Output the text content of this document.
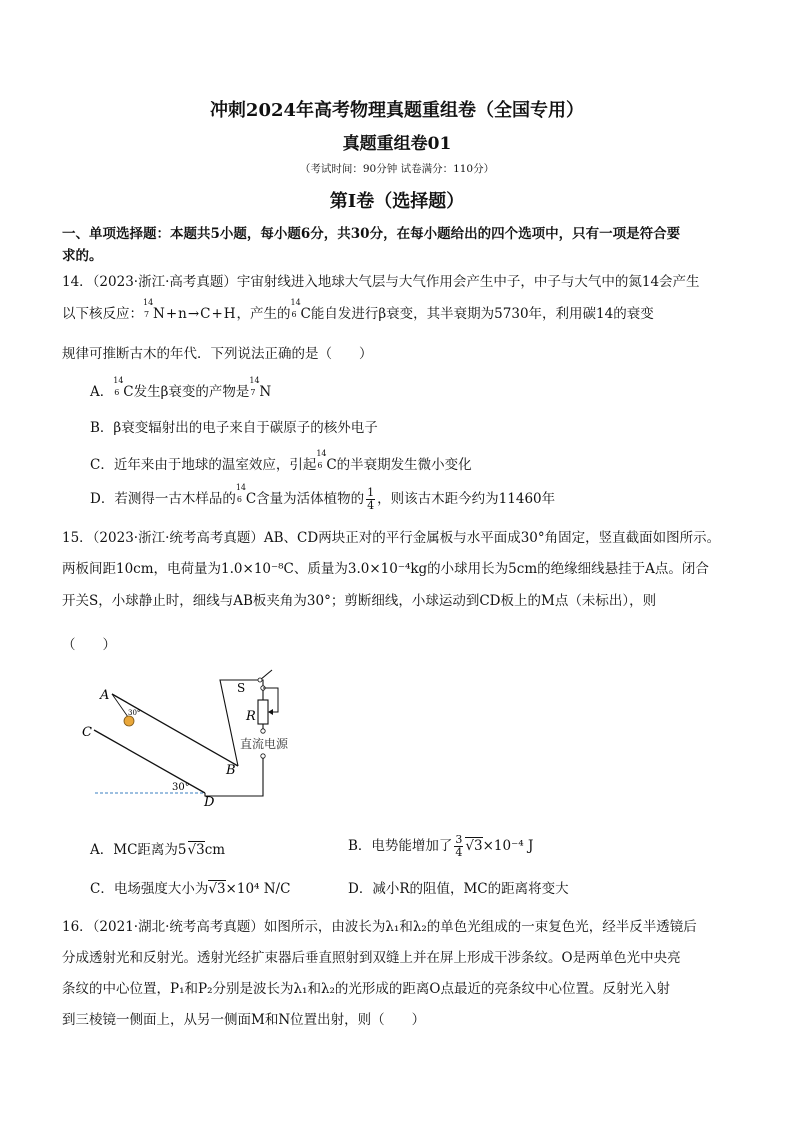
冲刺2024年高考物理真题重组卷（全国专用）
真题重组卷01
（考试时间：90分钟 试卷满分：110分）
第I卷（选择题）
一、单项选择题：本题共5小题，每小题6分，共30分，在每小题给出的四个选项中，只有一项是符合要
求的。
14．（2023·浙江·高考真题）宇宙射线进入地球大气层与大气作用会产生中子，中子与大气中的氮14会产生
以下核反应：
14
7 N+n→C+H，产生的
14
6 C能自发进行β衰变，其半衰期为5730年，利用碳14的衰变
规律可推断古木的年代．下列说法正确的是（　　）
A．
14
6 C发生β衰变的产物是
14
7 N
B．β衰变辐射出的电子来自于碳原子的核外电子
C．近年来由于地球的温室效应，引起
14
6 C的半衰期发生微小变化
D．若测得一古木样品的
14
6 C含量为活体植物的 $\frac{1}{4}$ ，则该古木距今约为11460年
15．（2023·浙江·统考高考真题）AB、CD两块正对的平行金属板与水平面成30°角固定，竖直截面如图所示。
两板间距10cm，电荷量为1.0×10⁻⁸C、质量为3.0×10⁻⁴kg的小球用长为5cm的绝缘细线悬挂于A点。闭合
开关S，小球静止时，细线与AB板夹角为30°；剪断细线，小球运动到CD板上的M点（未标出），则
（　　）
A
B
C
D
S
R
30°
30°
直流电源
A．MC距离为5√3cm	B．电势能增加了 $\frac{3}{4} √3\times 10^{-4}$ J
C．电场强度大小为√3×10⁴ N/C	D．减小R的阻值，MC的距离将变大
16．（2021·湖北·统考高考真题）如图所示，由波长为λ₁和λ₂的单色光组成的一束复色光，经半反半透镜后
分成透射光和反射光。透射光经扩束器后垂直照射到双缝上并在屏上形成干涉条纹。O是两单色光中央亮
条纹的中心位置，P₁和P₂分别是波长为λ₁和λ₂的光形成的距离O点最近的亮条纹中心位置。反射光入射
到三棱镜一侧面上，从另一侧面M和N位置出射，则（　　）
